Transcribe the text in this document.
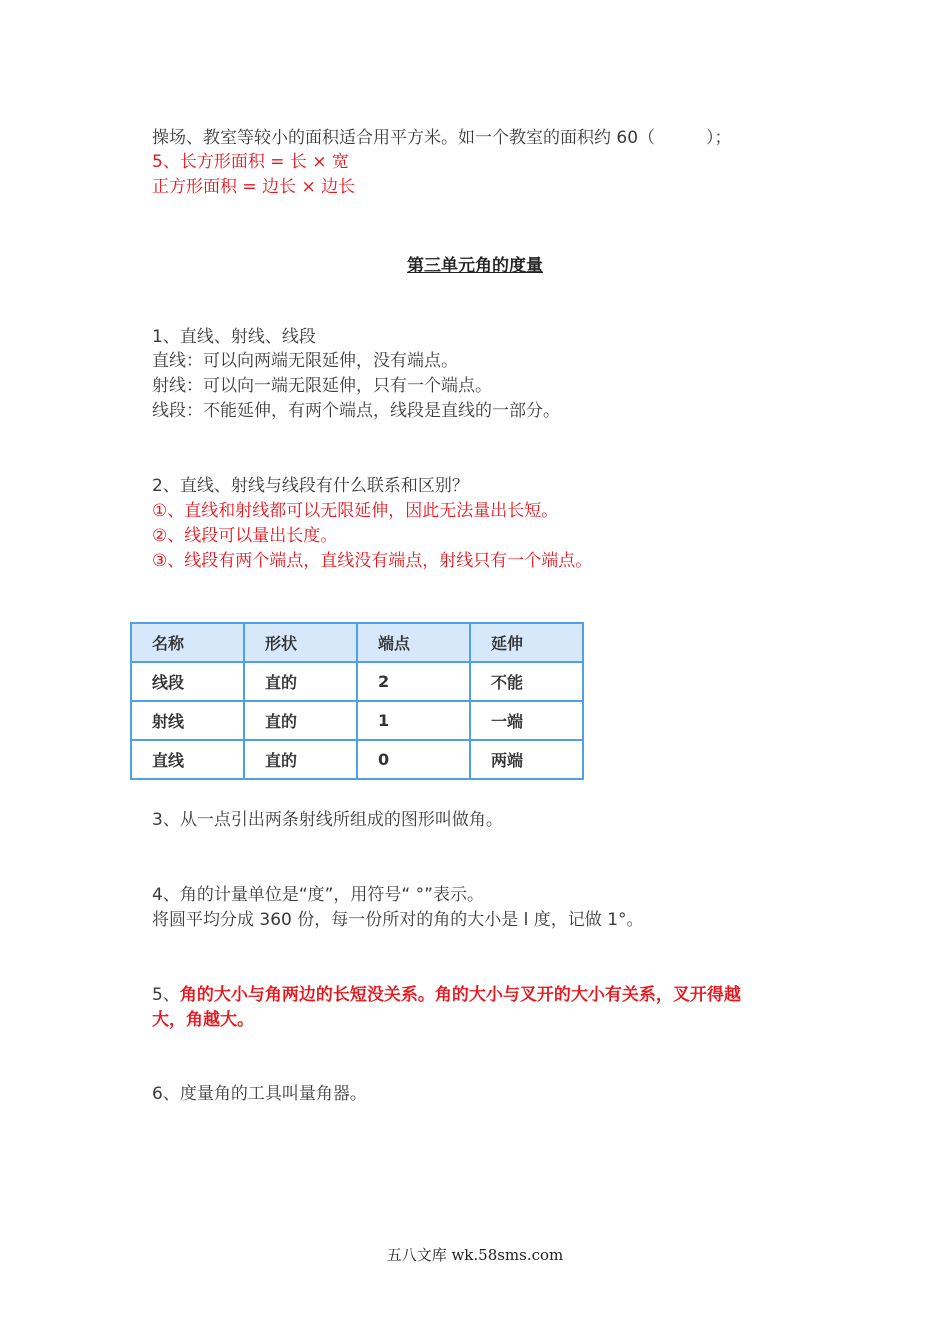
操场、教室等较小的面积适合用平方米。如一个教室的面积约 60（　　　）；
5、长方形面积 = 长 × 宽
正方形面积 = 边长 × 边长
第三单元角的度量
1、直线、射线、线段
直线：可以向两端无限延伸，没有端点。
射线：可以向一端无限延伸，只有一个端点。
线段：不能延伸，有两个端点，线段是直线的一部分。
2、直线、射线与线段有什么联系和区别？
①、直线和射线都可以无限延伸，因此无法量出长短。
②、线段可以量出长度。
③、线段有两个端点，直线没有端点，射线只有一个端点。
名称	形状	端点	延伸
线段	直的	2	不能
射线	直的	1	一端
直线	直的	0	两端
3、从一点引出两条射线所组成的图形叫做角。
4、角的计量单位是“度”，用符号“ °”表示。
将圆平均分成 360 份，每一份所对的角的大小是 l 度，记做 1°。
5、角的大小与角两边的长短没关系。角的大小与叉开的大小有关系，叉开得越
大，角越大。
6、度量角的工具叫量角器。
五八文库 wk.58sms.com
